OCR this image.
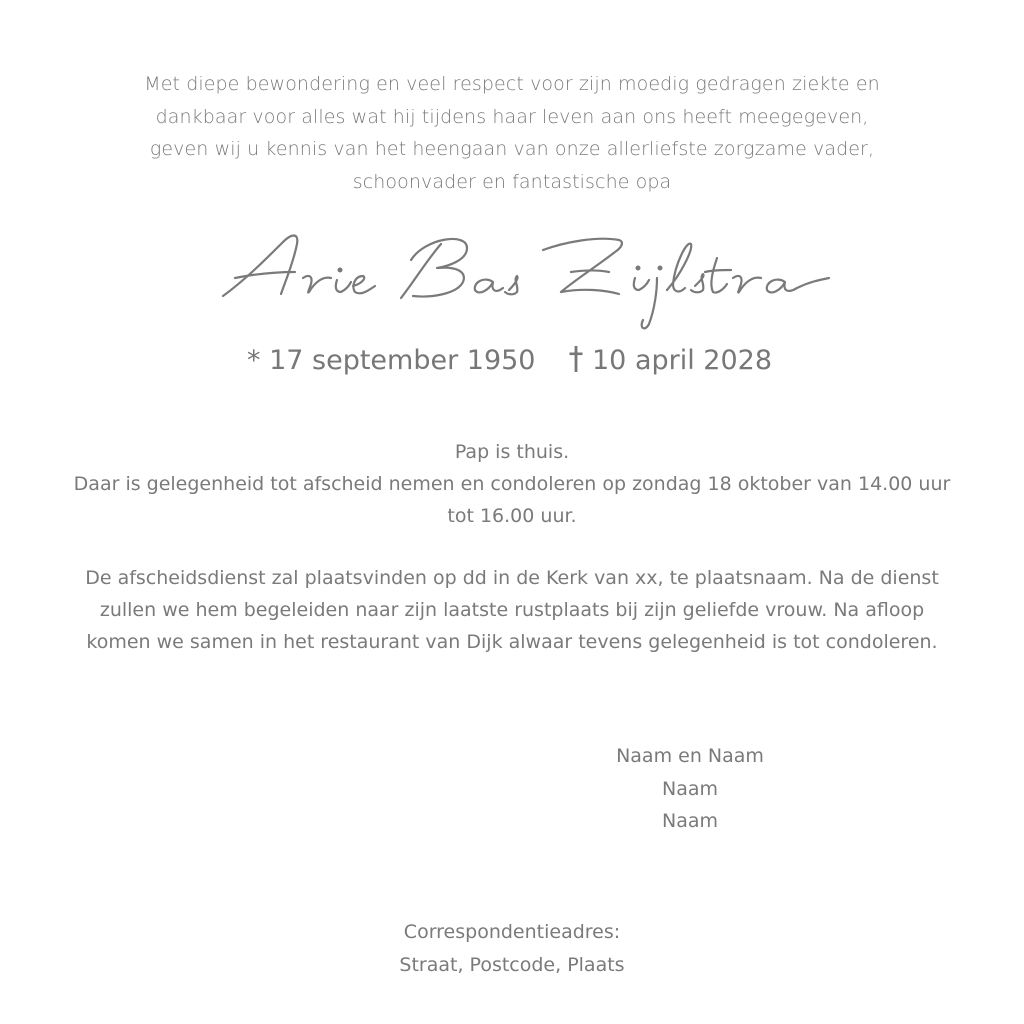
Met diepe bewondering en veel respect voor zijn moedig gedragen ziekte en
dankbaar voor alles wat hij tijdens haar leven aan ons heeft meegegeven,
geven wij u kennis van het heengaan van onze allerliefste zorgzame vader,
schoonvader en fantastische opa
* 17 september 1950	10 april 2028
Pap is thuis.
Daar is gelegenheid tot afscheid nemen en condoleren op zondag 18 oktober van 14.00 uur
tot 16.00 uur.
De afscheidsdienst zal plaatsvinden op dd in de Kerk van xx, te plaatsnaam. Na de dienst
zullen we hem begeleiden naar zijn laatste rustplaats bij zijn geliefde vrouw. Na afloop
komen we samen in het restaurant van Dijk alwaar tevens gelegenheid is tot condoleren.
Naam en Naam
Naam
Naam
Correspondentieadres:
Straat, Postcode, Plaats
